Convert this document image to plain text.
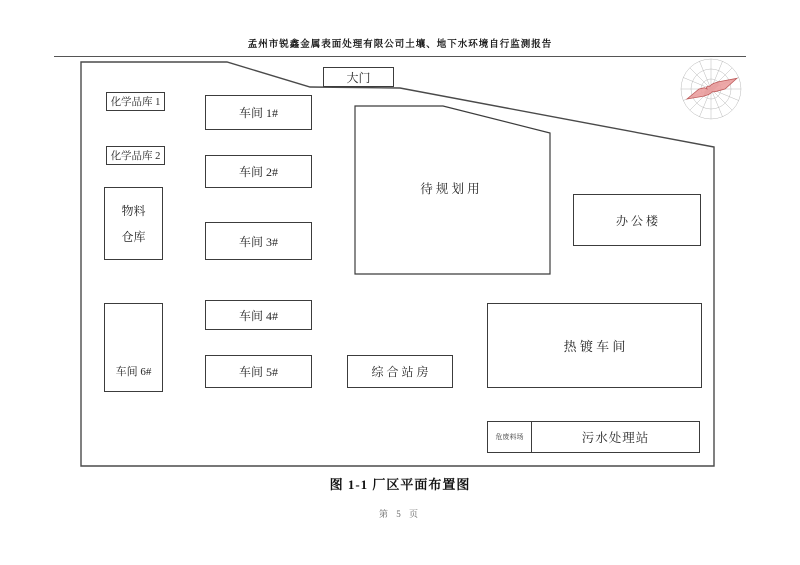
孟州市锐鑫金属表面处理有限公司土壤、地下水环境自行监测报告
大门
化学品库 1
化学品库 2
物料
仓库
车间 1#
车间 2#
车间 3#
车间 4#
车间 5#
车间 6#
待 规 划 用
综 合 站 房
办 公 楼
热 镀 车 间
危废料场	污水处理站
图 1-1 厂区平面布置图
第 5 页
